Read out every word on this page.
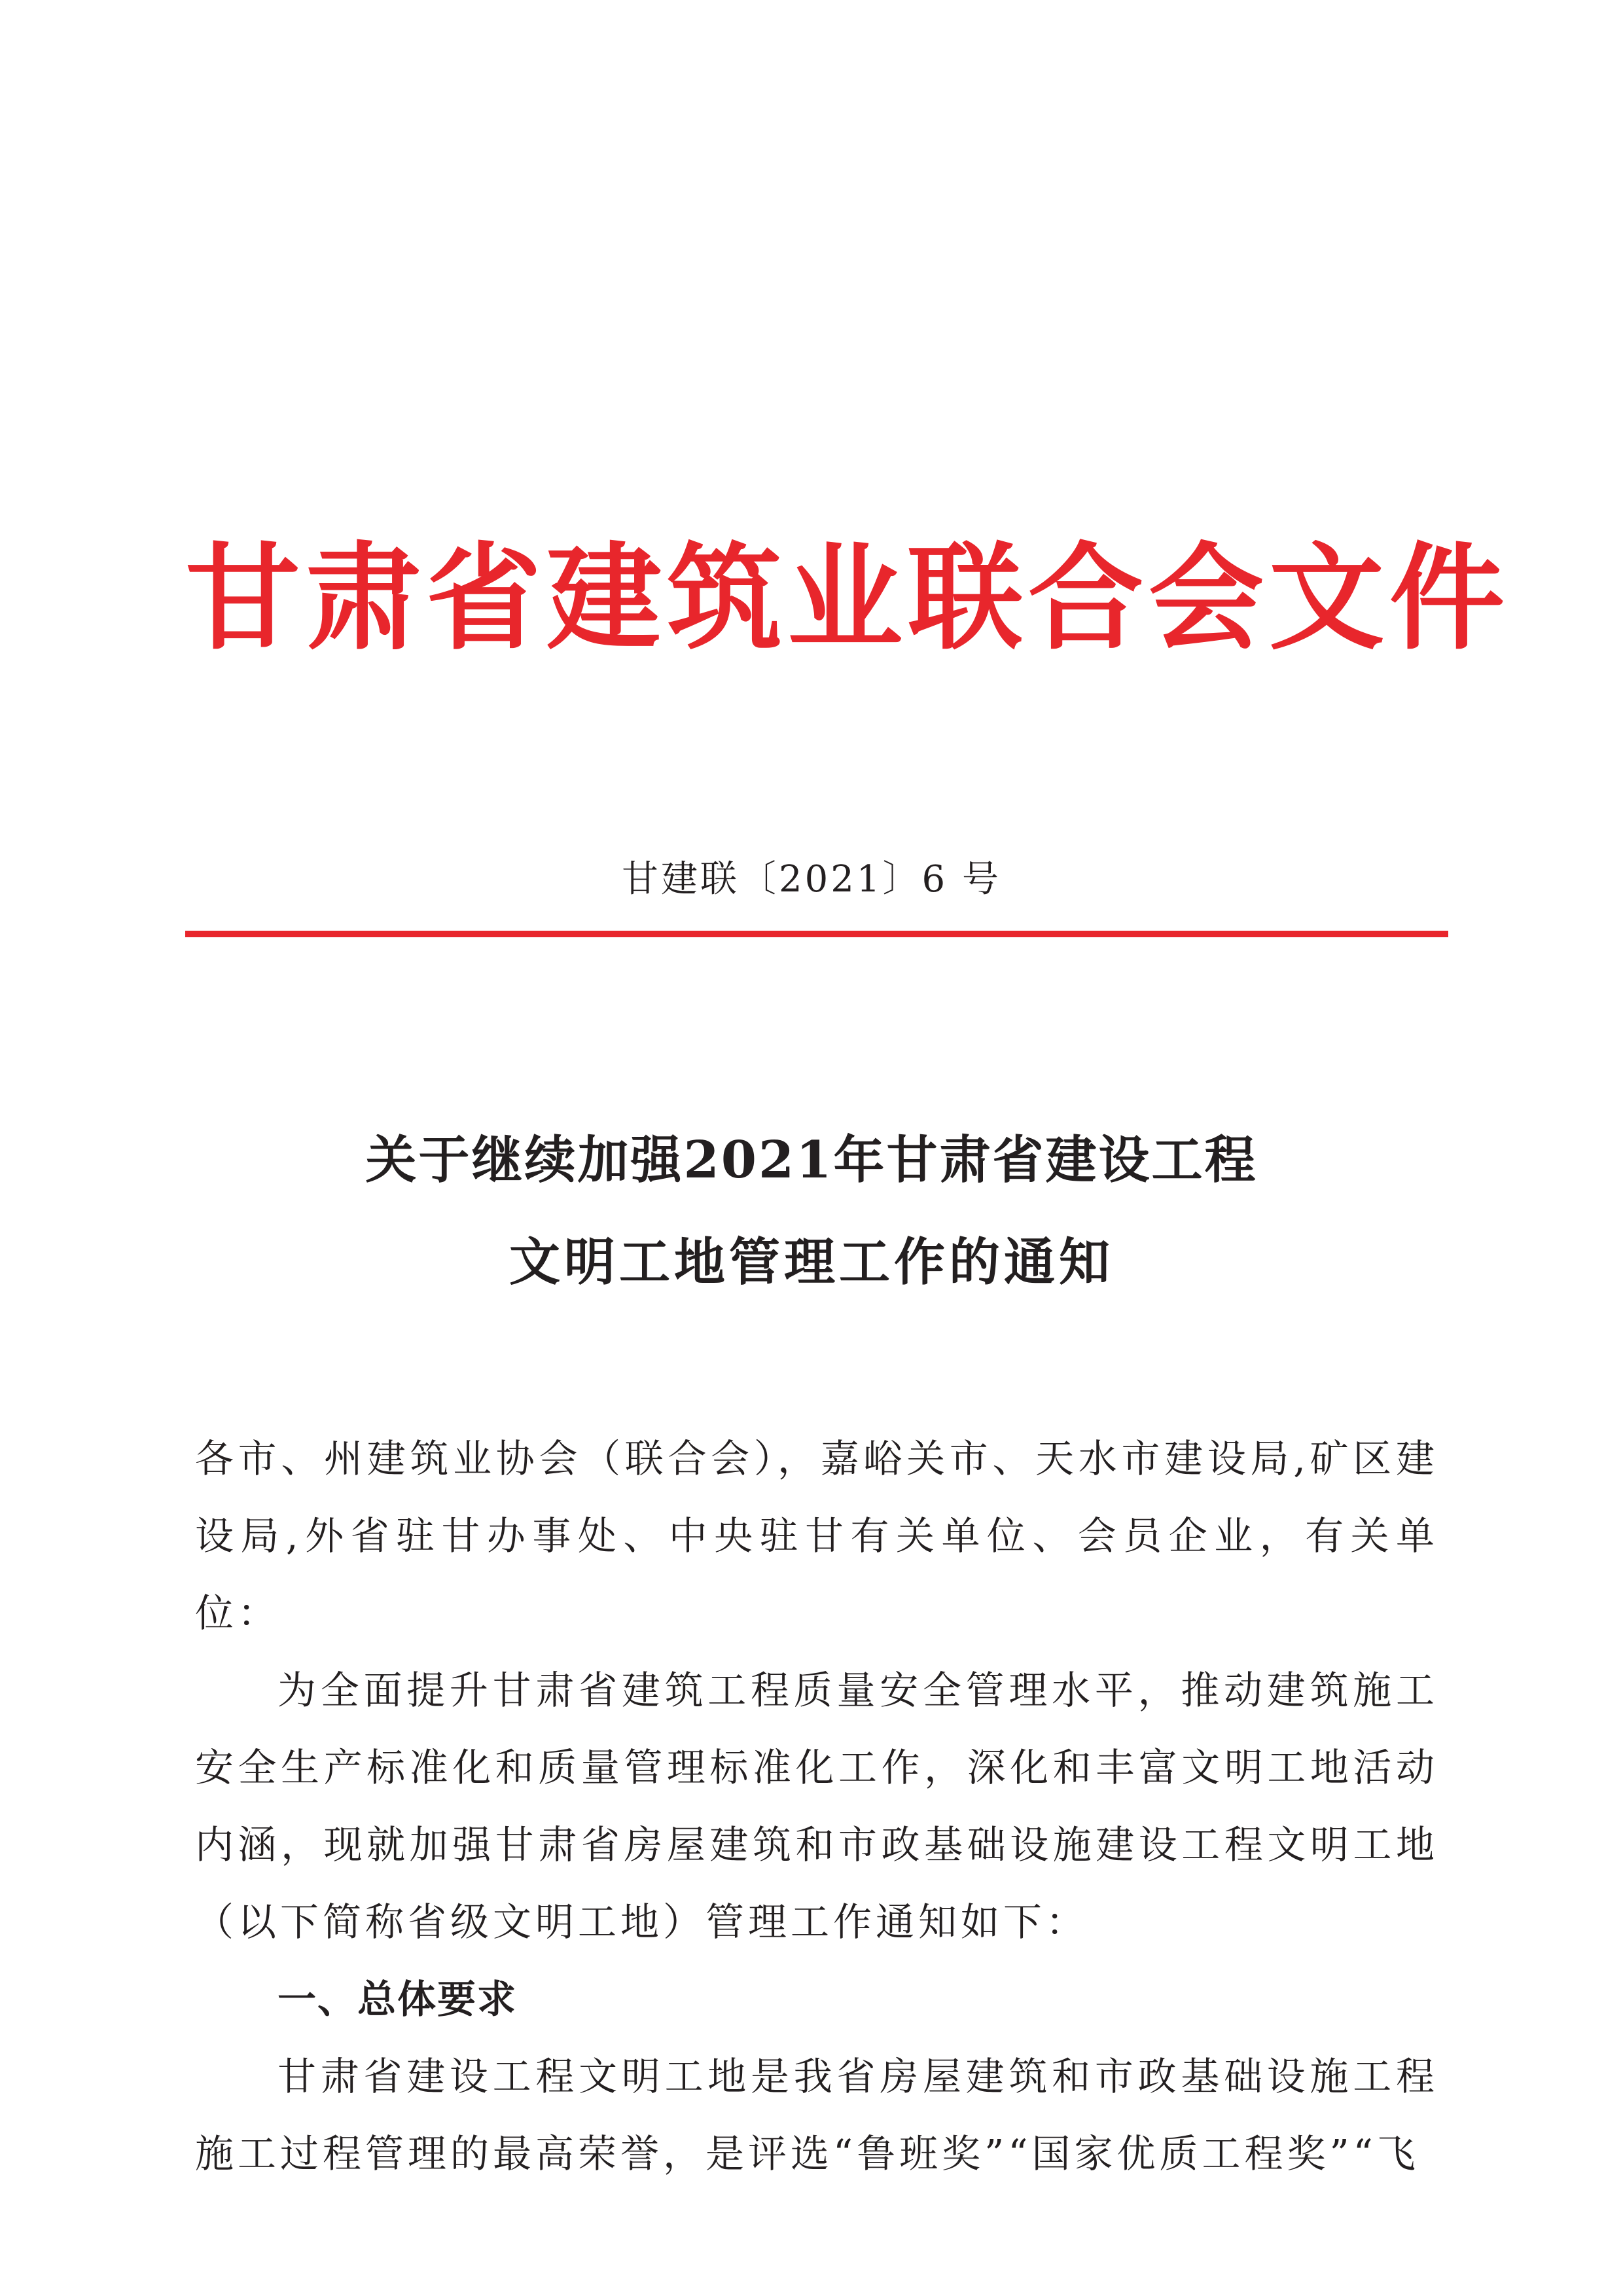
甘肃省建筑业联合会文件
甘建联〔2021〕6 号
关于继续加强2021年甘肃省建设工程
文明工地管理工作的通知

各市、州建筑业协会（联合会），嘉峪关市、天水市建设局,矿区建设局,外省驻甘办事处、中央驻甘有关单位、会员企业，有关单位：

为全面提升甘肃省建筑工程质量安全管理水平，推动建筑施工安全生产标准化和质量管理标准化工作，深化和丰富文明工地活动内涵，现就加强甘肃省房屋建筑和市政基础设施建设工程文明工地（以下简称省级文明工地）管理工作通知如下：

一、总体要求

甘肃省建设工程文明工地是我省房屋建筑和市政基础设施工程施工过程管理的最高荣誉，是评选“鲁班奖”“国家优质工程奖”“飞
